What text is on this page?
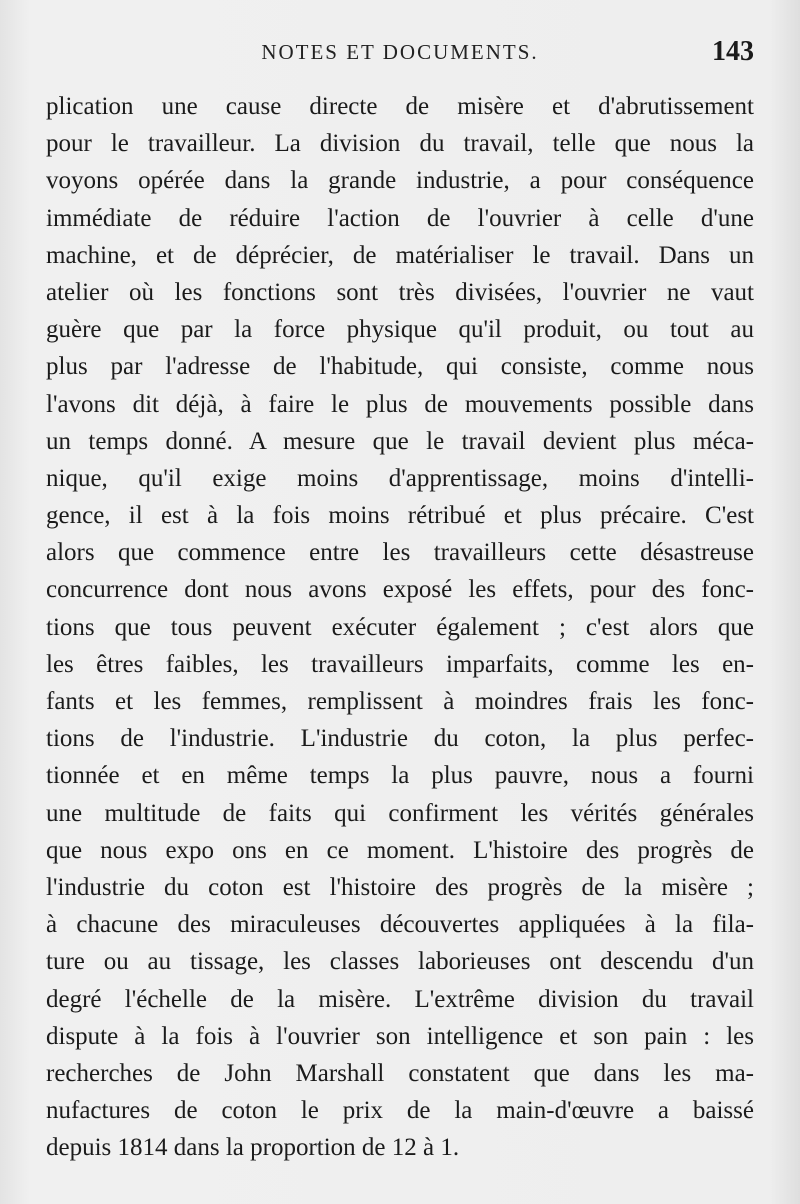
NOTES ET DOCUMENTS.	143
plication une cause directe de misère et d'abrutissement
pour le travailleur. La division du travail, telle que nous la
voyons opérée dans la grande industrie, a pour conséquence
immédiate de réduire l'action de l'ouvrier à celle d'une
machine, et de déprécier, de matérialiser le travail. Dans un
atelier où les fonctions sont très divisées, l'ouvrier ne vaut
guère que par la force physique qu'il produit, ou tout au
plus par l'adresse de l'habitude, qui consiste, comme nous
l'avons dit déjà, à faire le plus de mouvements possible dans
un temps donné. A mesure que le travail devient plus méca-
nique, qu'il exige moins d'apprentissage, moins d'intelli-
gence, il est à la fois moins rétribué et plus précaire. C'est
alors que commence entre les travailleurs cette désastreuse
concurrence dont nous avons exposé les effets, pour des fonc-
tions que tous peuvent exécuter également ; c'est alors que
les êtres faibles, les travailleurs imparfaits, comme les en-
fants et les femmes, remplissent à moindres frais les fonc-
tions de l'industrie. L'industrie du coton, la plus perfec-
tionnée et en même temps la plus pauvre, nous a fourni
une multitude de faits qui confirment les vérités générales
que nous expo ons en ce moment. L'histoire des progrès de
l'industrie du coton est l'histoire des progrès de la misère ;
à chacune des miraculeuses découvertes appliquées à la fila-
ture ou au tissage, les classes laborieuses ont descendu d'un
degré l'échelle de la misère. L'extrême division du travail
dispute à la fois à l'ouvrier son intelligence et son pain : les
recherches de John Marshall constatent que dans les ma-
nufactures de coton le prix de la main-d'œuvre a baissé
depuis 1814 dans la proportion de 12 à 1.
